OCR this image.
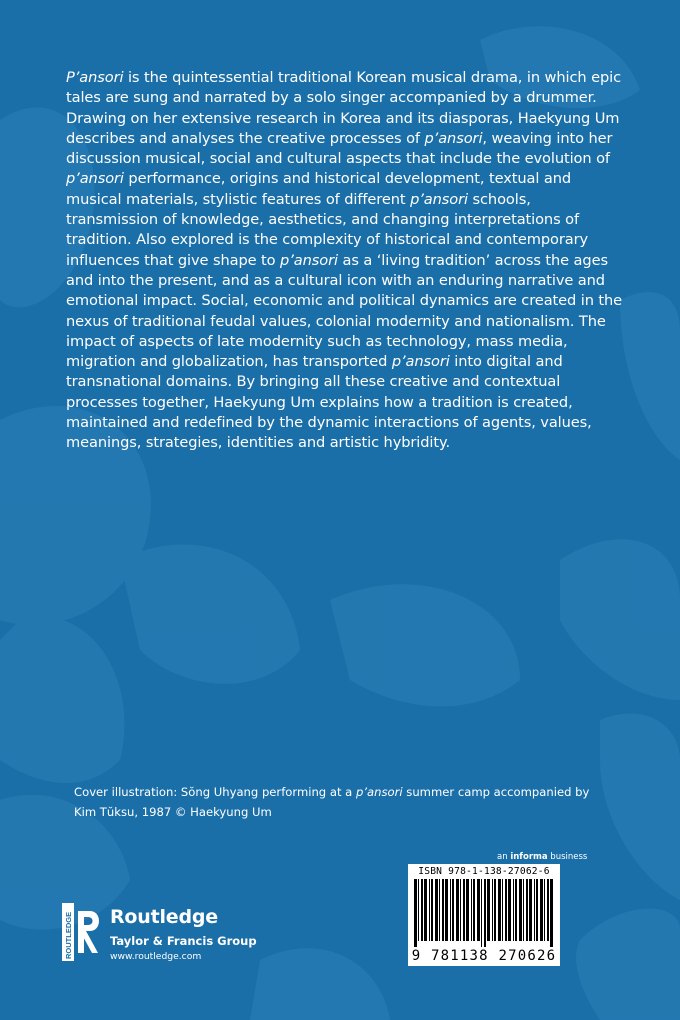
P’ansori is the quintessential traditional Korean musical drama, in which epic tales are sung and narrated by a solo singer accompanied by a drummer. Drawing on her extensive research in Korea and its diasporas, Haekyung Um describes and analyses the creative processes of p’ansori, weaving into her discussion musical, social and cultural aspects that include the evolution of p’ansori performance, origins and historical development, textual and musical materials, stylistic features of different p’ansori schools, transmission of knowledge, aesthetics, and changing interpretations of tradition. Also explored is the complexity of historical and contemporary influences that give shape to p’ansori as a ‘living tradition’ across the ages and into the present, and as a cultural icon with an enduring narrative and emotional impact. Social, economic and political dynamics are created in the nexus of traditional feudal values, colonial modernity and nationalism. The impact of aspects of late modernity such as technology, mass media, migration and globalization, has transported p’ansori into digital and transnational domains. By bringing all these creative and contextual processes together, Haekyung Um explains how a tradition is created, maintained and redefined by the dynamic interactions of agents, values, meanings, strategies, identities and artistic hybridity.

Cover illustration: Sŏng Uhyang performing at a p’ansori summer camp accompanied by Kim Tŭksu, 1987 © Haekyung Um

an informa business
ISBN 978-1-138-27062-6
9 781138 270626
ROUTLEDGE Routledge
Taylor & Francis Group
www.routledge.com
